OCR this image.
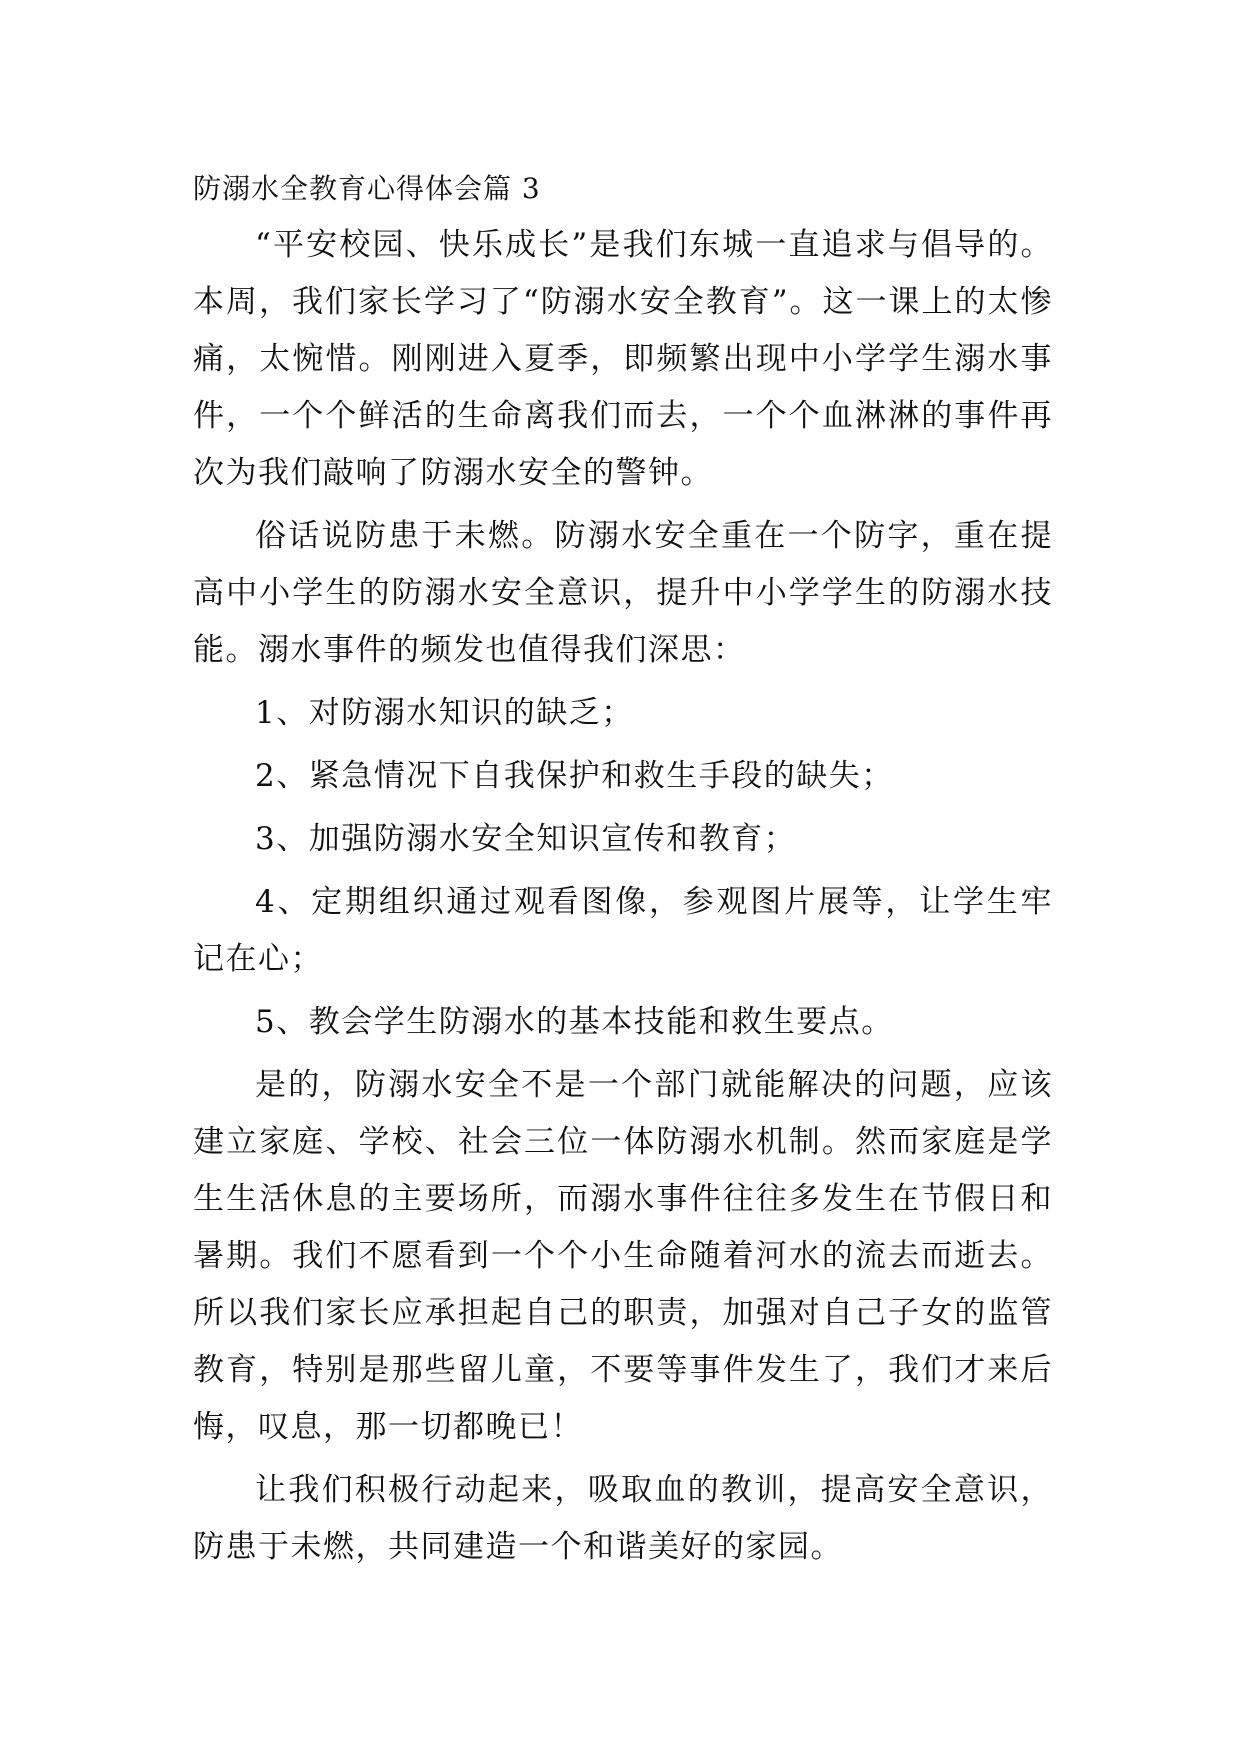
防溺水全教育心得体会篇 3

“平安校园、快乐成长”是我们东城一直追求与倡导的。本周，我们家长学习了“防溺水安全教育”。这一课上的太惨痛，太惋惜。刚刚进入夏季，即频繁出现中小学学生溺水事件，一个个鲜活的生命离我们而去，一个个血淋淋的事件再次为我们敲响了防溺水安全的警钟。

俗话说防患于未燃。防溺水安全重在一个防字，重在提高中小学生的防溺水安全意识，提升中小学学生的防溺水技能。溺水事件的频发也值得我们深思：

1、对防溺水知识的缺乏；

2、紧急情况下自我保护和救生手段的缺失；

3、加强防溺水安全知识宣传和教育；

4、定期组织通过观看图像，参观图片展等，让学生牢记在心；

5、教会学生防溺水的基本技能和救生要点。

是的，防溺水安全不是一个部门就能解决的问题，应该建立家庭、学校、社会三位一体防溺水机制。然而家庭是学生生活休息的主要场所，而溺水事件往往多发生在节假日和暑期。我们不愿看到一个个小生命随着河水的流去而逝去。所以我们家长应承担起自己的职责，加强对自己子女的监管教育，特别是那些留儿童，不要等事件发生了，我们才来后悔，叹息，那一切都晚已！

让我们积极行动起来，吸取血的教训，提高安全意识，防患于未燃，共同建造一个和谐美好的家园。
